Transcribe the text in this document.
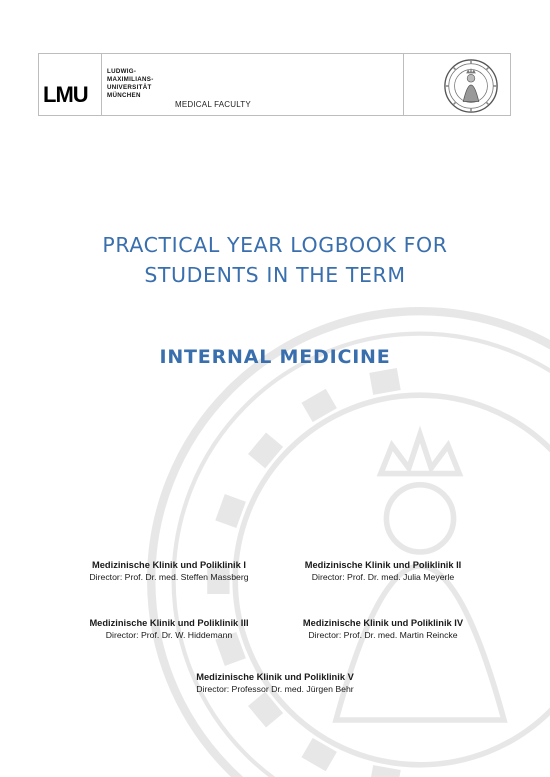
LMU
LUDWIG-
MAXIMILIANS-
UNIVERSITÄT
MÜNCHEN
MEDICAL FACULTY
PRACTICAL YEAR LOGBOOK FOR
STUDENTS IN THE TERM
INTERNAL MEDICINE
Medizinische Klinik und Poliklinik I
Director: Prof. Dr. med. Steffen Massberg
Medizinische Klinik und Poliklinik II
Director: Prof. Dr. med. Julia Meyerle
Medizinische Klinik und Poliklinik III
Director: Prof. Dr. W. Hiddemann
Medizinische Klinik und Poliklinik IV
Director: Prof. Dr. med. Martin Reincke
Medizinische Klinik und Poliklinik V
Director: Professor Dr. med. Jürgen Behr
